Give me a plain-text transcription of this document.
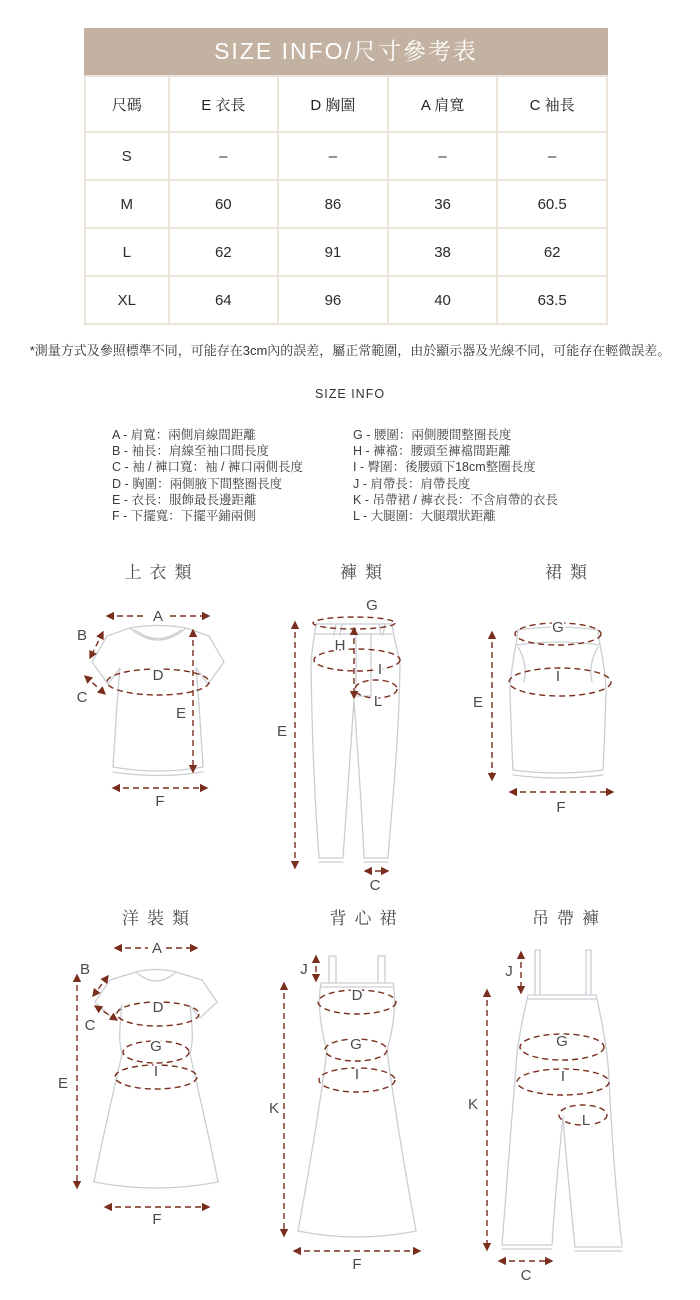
SIZE INFO/尺寸參考表
尺碼	E 衣長	D 胸圍	A 肩寬	C 袖長
S	–	–	–	–
M	60	86	36	60.5
L	62	91	38	62
XL	64	96	40	63.5
*測量方式及參照標準不同，可能存在3cm內的誤差，屬正常範圍，由於顯示器及光線不同，可能存在輕微誤差。
SIZE INFO
A - 肩寬：兩側肩線間距離
B - 袖長：肩線至袖口間長度
C - 袖 / 褲口寬：袖 / 褲口兩側長度
D - 胸圍：兩側腋下間整圈長度
E - 衣長：服飾最長邊距離
F - 下擺寬：下擺平鋪兩側
G - 腰圍：兩側腰間整圈長度
H - 褲襠：腰頭至褲襠間距離
I - 臀圍：後腰頭下18cm整圈長度
J - 肩帶長：肩帶長度
K - 吊帶裙 / 褲衣長：不含肩帶的衣長
L - 大腿圍：大腿環狀距離
上衣類
A
B
C
D
E
F
褲類
G
H
I
L
E
C
裙類
G
I
E
F
洋裝類
A
B
C
D
G
I
E
F
背心裙
J
D
G
I
K
F
吊帶褲
J
G
I
L
K
C
